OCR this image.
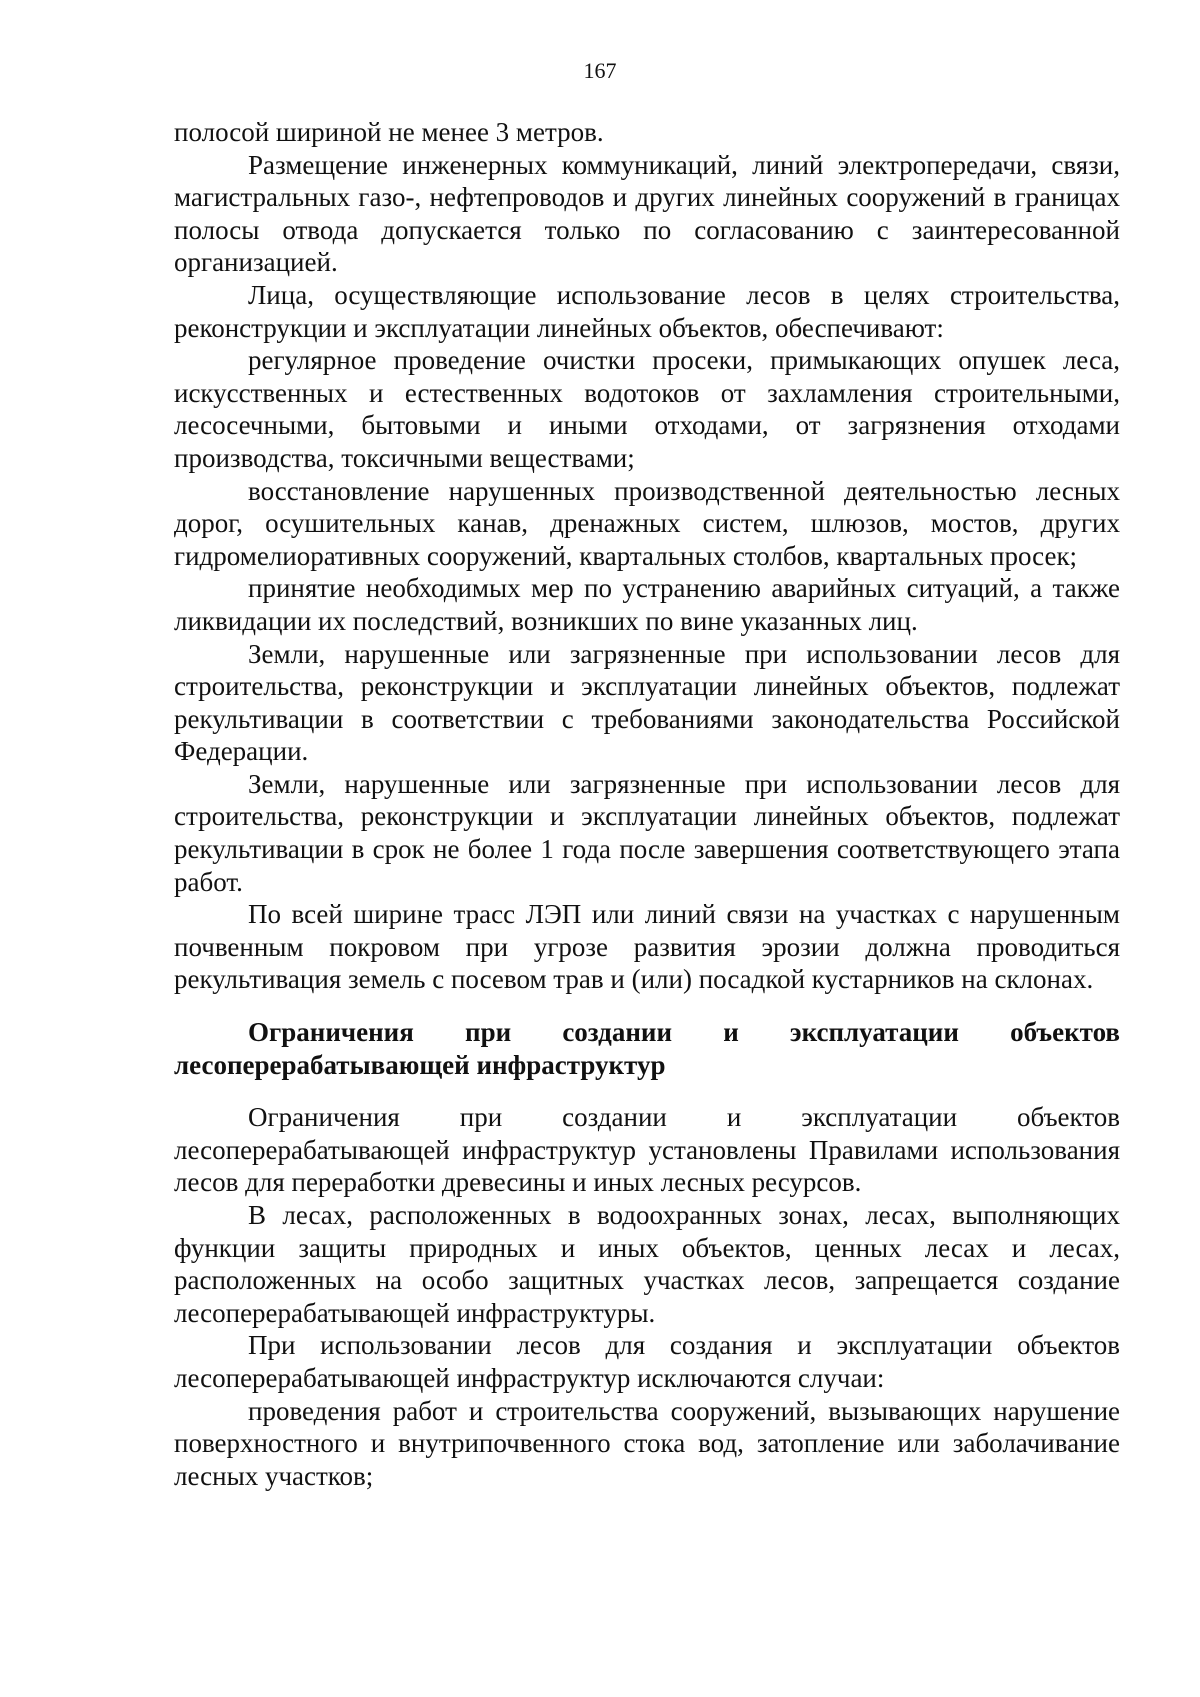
167

полосой шириной не менее 3 метров.

Размещение инженерных коммуникаций, линий электропередачи, связи, магистральных газо-, нефтепроводов и других линейных сооружений в границах полосы отвода допускается только по согласованию с заинтересованной организацией.

Лица, осуществляющие использование лесов в целях строительства, реконструкции и эксплуатации линейных объектов, обеспечивают:

регулярное проведение очистки просеки, примыкающих опушек леса, искусственных и естественных водотоков от захламления строительными, лесосечными, бытовыми и иными отходами, от загрязнения отходами производства, токсичными веществами;

восстановление нарушенных производственной деятельностью лесных дорог, осушительных канав, дренажных систем, шлюзов, мостов, других гидромелиоративных сооружений, квартальных столбов, квартальных просек;

принятие необходимых мер по устранению аварийных ситуаций, а также ликвидации их последствий, возникших по вине указанных лиц.

Земли, нарушенные или загрязненные при использовании лесов для строительства, реконструкции и эксплуатации линейных объектов, подлежат рекультивации в соответствии с требованиями законодательства Российской Федерации.

Земли, нарушенные или загрязненные при использовании лесов для строительства, реконструкции и эксплуатации линейных объектов, подлежат рекультивации в срок не более 1 года после завершения соответствующего этапа работ.

По всей ширине трасс ЛЭП или линий связи на участках с нарушенным почвенным покровом при угрозе развития эрозии должна проводиться рекультивация земель с посевом трав и (или) посадкой кустарников на склонах.

Ограничения при создании и эксплуатации объектов лесоперерабатывающей инфраструктур

Ограничения при создании и эксплуатации объектов лесоперерабатывающей инфраструктур установлены Правилами использования лесов для переработки древесины и иных лесных ресурсов.

В лесах, расположенных в водоохранных зонах, лесах, выполняющих функции защиты природных и иных объектов, ценных лесах и лесах, расположенных на особо защитных участках лесов, запрещается создание лесоперерабатывающей инфраструктуры.

При использовании лесов для создания и эксплуатации объектов лесоперерабатывающей инфраструктур исключаются случаи:

проведения работ и строительства сооружений, вызывающих нарушение поверхностного и внутрипочвенного стока вод, затопление или заболачивание лесных участков;
